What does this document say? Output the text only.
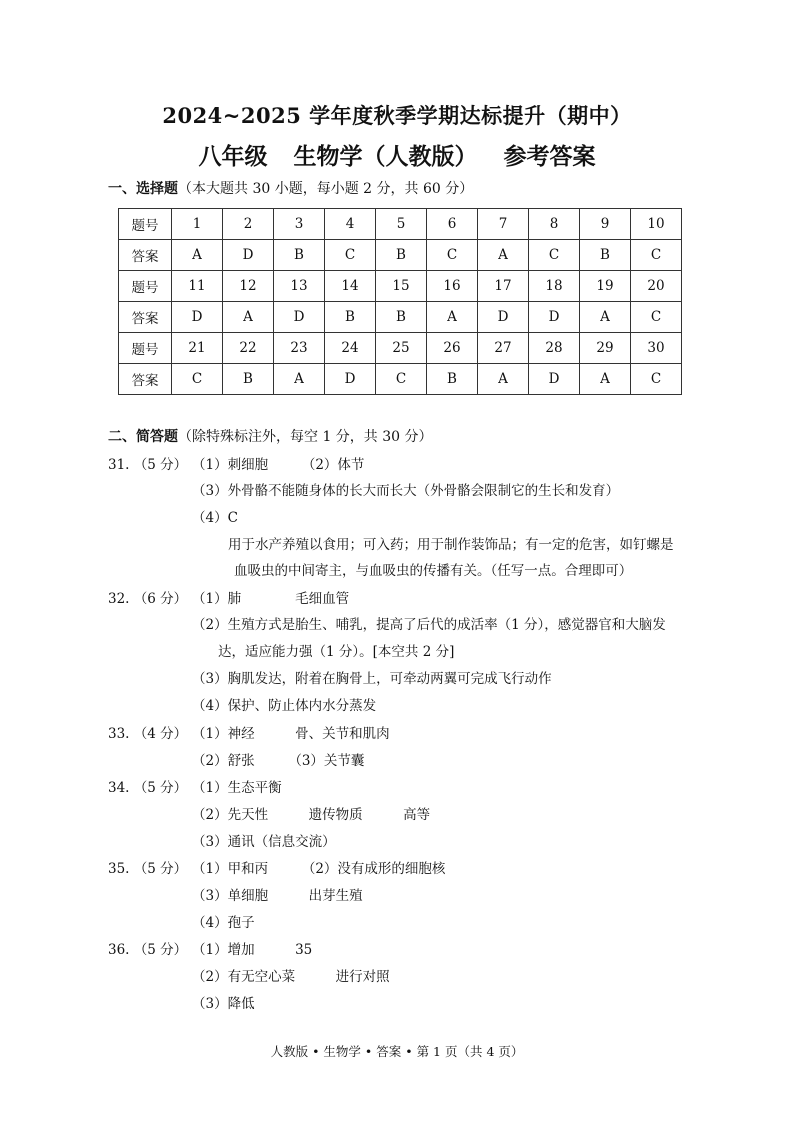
2024~2025 学年度秋季学期达标提升（期中）
八年级 生物学（人教版） 参考答案
一、选择题（本大题共 30 小题，每小题 2 分，共 60 分）
题号	1	2	3	4	5	6	7	8	9	10
答案	A	D	B	C	B	C	A	C	B	C
题号	11	12	13	14	15	16	17	18	19	20
答案	D	A	D	B	B	A	D	D	A	C
题号	21	22	23	24	25	26	27	28	29	30
答案	C	B	A	D	C	B	A	D	A	C
二、简答题（除特殊标注外，每空 1 分，共 30 分）
31. （5 分） （1）刺细胞　　　（2）体节
（3）外骨骼不能随身体的长大而长大（外骨骼会限制它的生长和发育）
（4）C
用于水产养殖以食用；可入药；用于制作装饰品；有一定的危害，如钉螺是
血吸虫的中间寄主，与血吸虫的传播有关。（任写一点。合理即可）
32. （6 分） （1）肺　　　　毛细血管
（2）生殖方式是胎生、哺乳，提高了后代的成活率（1 分），感觉器官和大脑发
达，适应能力强（1 分）。[本空共 2 分]
（3）胸肌发达，附着在胸骨上，可牵动两翼可完成飞行动作
（4）保护、防止体内水分蒸发
33. （4 分） （1）神经　　　骨、关节和肌肉
（2）舒张　　　（3）关节囊
34. （5 分） （1）生态平衡
（2）先天性　　　遗传物质　　　高等
（3）通讯（信息交流）
35. （5 分） （1）甲和丙　　　（2）没有成形的细胞核
（3）单细胞　　　出芽生殖
（4）孢子
36. （5 分） （1）增加　　　35
（2）有无空心菜　　　进行对照
（3）降低
人教版 • 生物学 • 答案 • 第 1 页（共 4 页）
